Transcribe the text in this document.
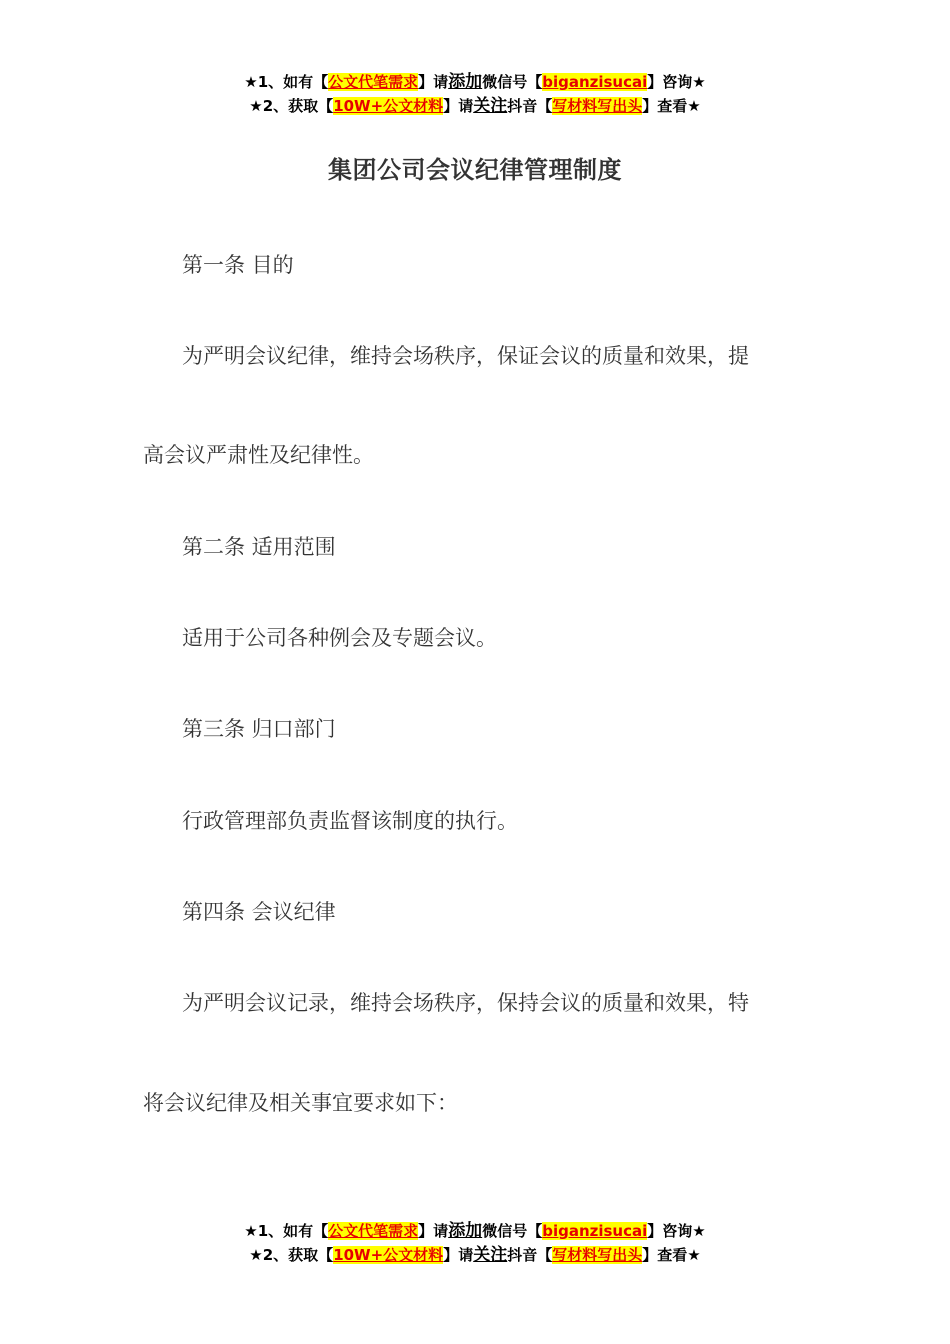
★1、如有【公文代笔需求】请添加微信号【biganzisucai】咨询★
★2、获取【10W+公文材料】请关注抖音【写材料写出头】查看★
集团公司会议纪律管理制度
第一条 目的
为严明会议纪律，维持会场秩序，保证会议的质量和效果，提
高会议严肃性及纪律性。
第二条 适用范围
适用于公司各种例会及专题会议。
第三条 归口部门
行政管理部负责监督该制度的执行。
第四条 会议纪律
为严明会议记录，维持会场秩序，保持会议的质量和效果，特
将会议纪律及相关事宜要求如下：
★1、如有【公文代笔需求】请添加微信号【biganzisucai】咨询★
★2、获取【10W+公文材料】请关注抖音【写材料写出头】查看★
